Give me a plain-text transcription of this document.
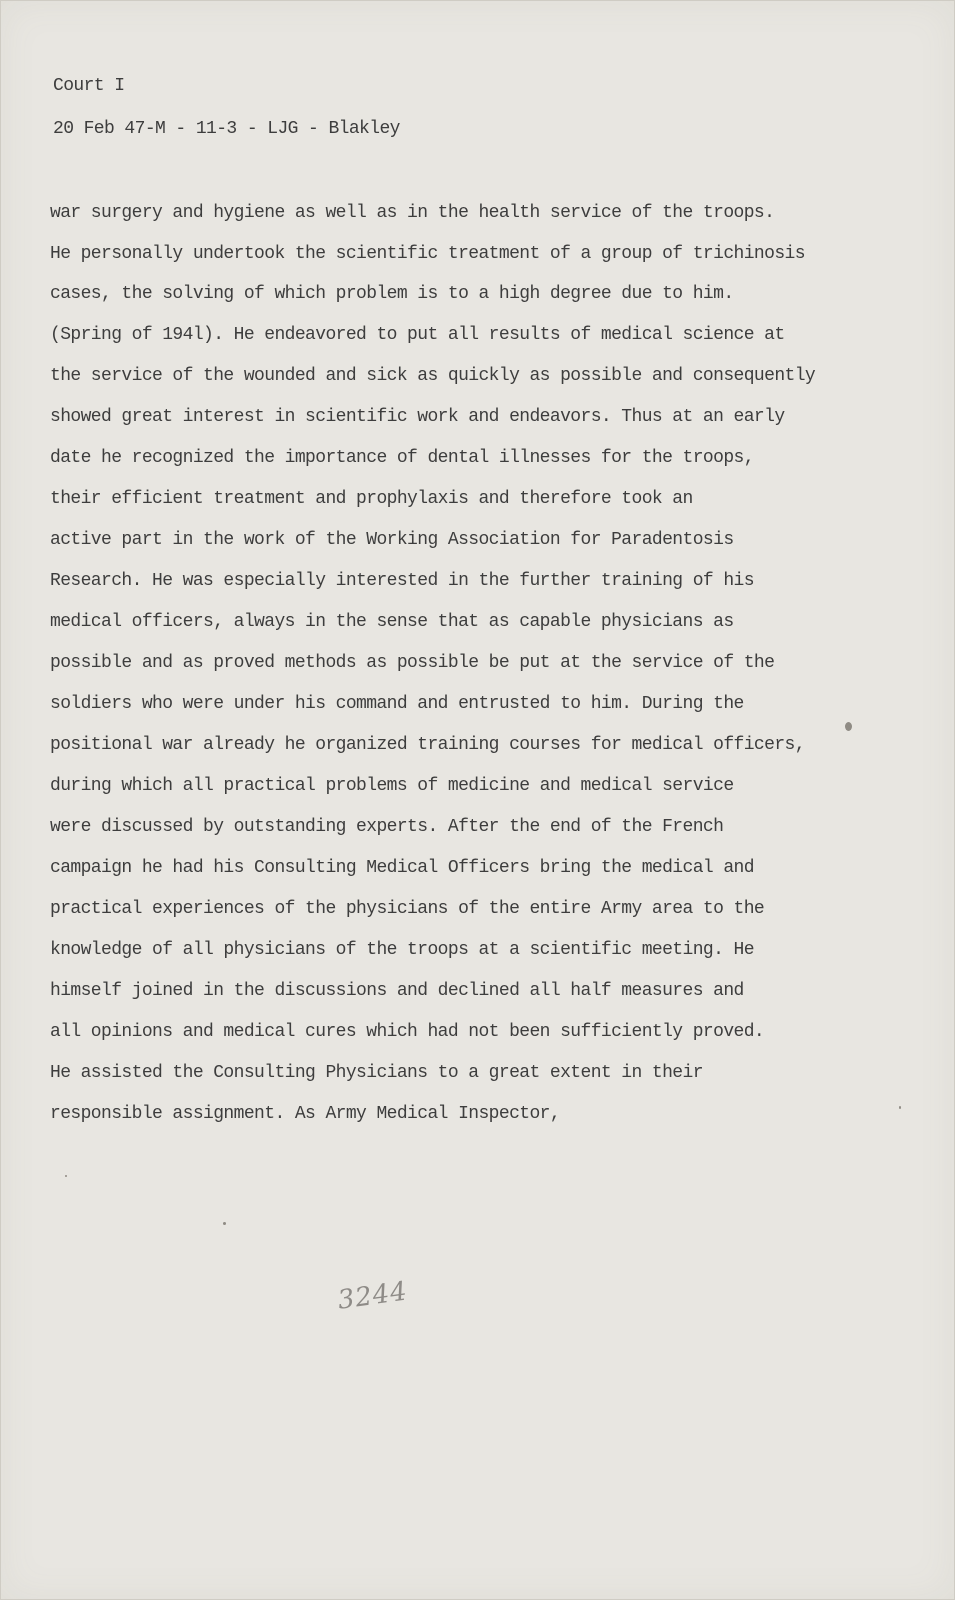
Court I

20 Feb 47-M - 11-3 - LJG - Blakley

war surgery and hygiene as well as in the health service of the troops.

He personally undertook the scientific treatment of a group of trichinosis

cases, the solving of which problem is to a high degree due to him.

(Spring of 194l). He endeavored to put all results of medical science at

the service of the wounded and sick as quickly as possible and consequently

showed great interest in scientific work and endeavors. Thus at an early

date he recognized the importance of dental illnesses for the troops,

their efficient treatment and prophylaxis and therefore took an

active part in the work of the Working Association for Paradentosis

Research. He was especially interested in the further training of his

medical officers, always in the sense that as capable physicians as

possible and as proved methods as possible be put at the service of the

soldiers who were under his command and entrusted to him. During the

positional war already he organized training courses for medical officers,

during which all practical problems of medicine and medical service

were discussed by outstanding experts. After the end of the French

campaign he had his Consulting Medical Officers bring the medical and

practical experiences of the physicians of the entire Army area to the

knowledge of all physicians of the troops at a scientific meeting. He

himself joined in the discussions and declined all half measures and

all opinions and medical cures which had not been sufficiently proved.

He assisted the Consulting Physicians to a great extent in their

responsible assignment. As Army Medical Inspector,

3244
